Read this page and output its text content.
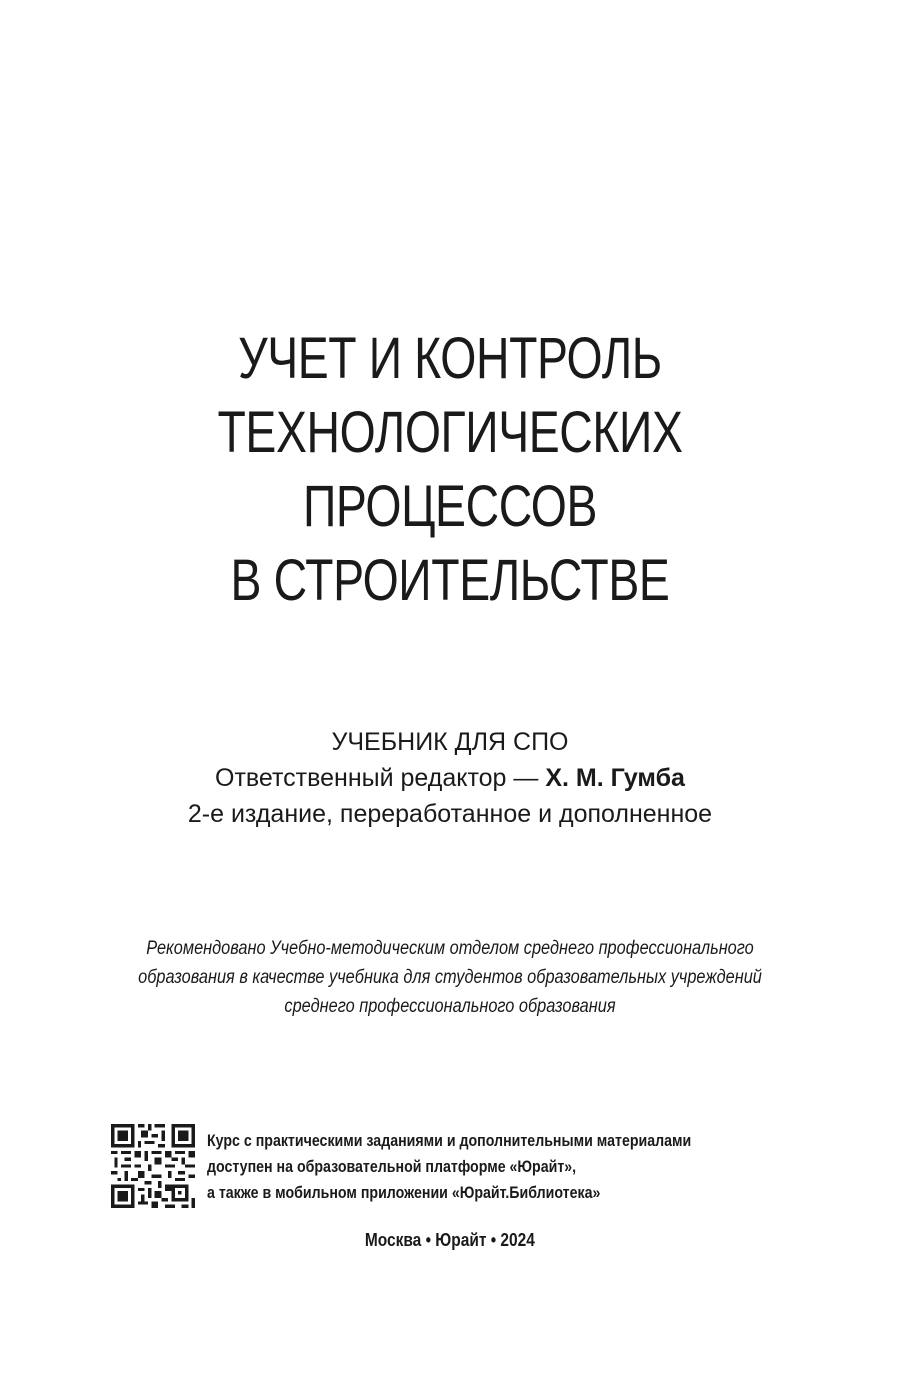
УЧЕТ И КОНТРОЛЬ
ТЕХНОЛОГИЧЕСКИХ
ПРОЦЕССОВ
В СТРОИТЕЛЬСТВЕ
УЧЕБНИК ДЛЯ СПО
Ответственный редактор — Х. М. Гумба
2-е издание, переработанное и дополненное
Рекомендовано Учебно-методическим отделом среднего профессионального
образования в качестве учебника для студентов образовательных учреждений
среднего профессионального образования
Курс с практическими заданиями и дополнительными материалами
доступен на образовательной платформе «Юрайт»,
а также в мобильном приложении «Юрайт.Библиотека»
Москва • Юрайт • 2024
